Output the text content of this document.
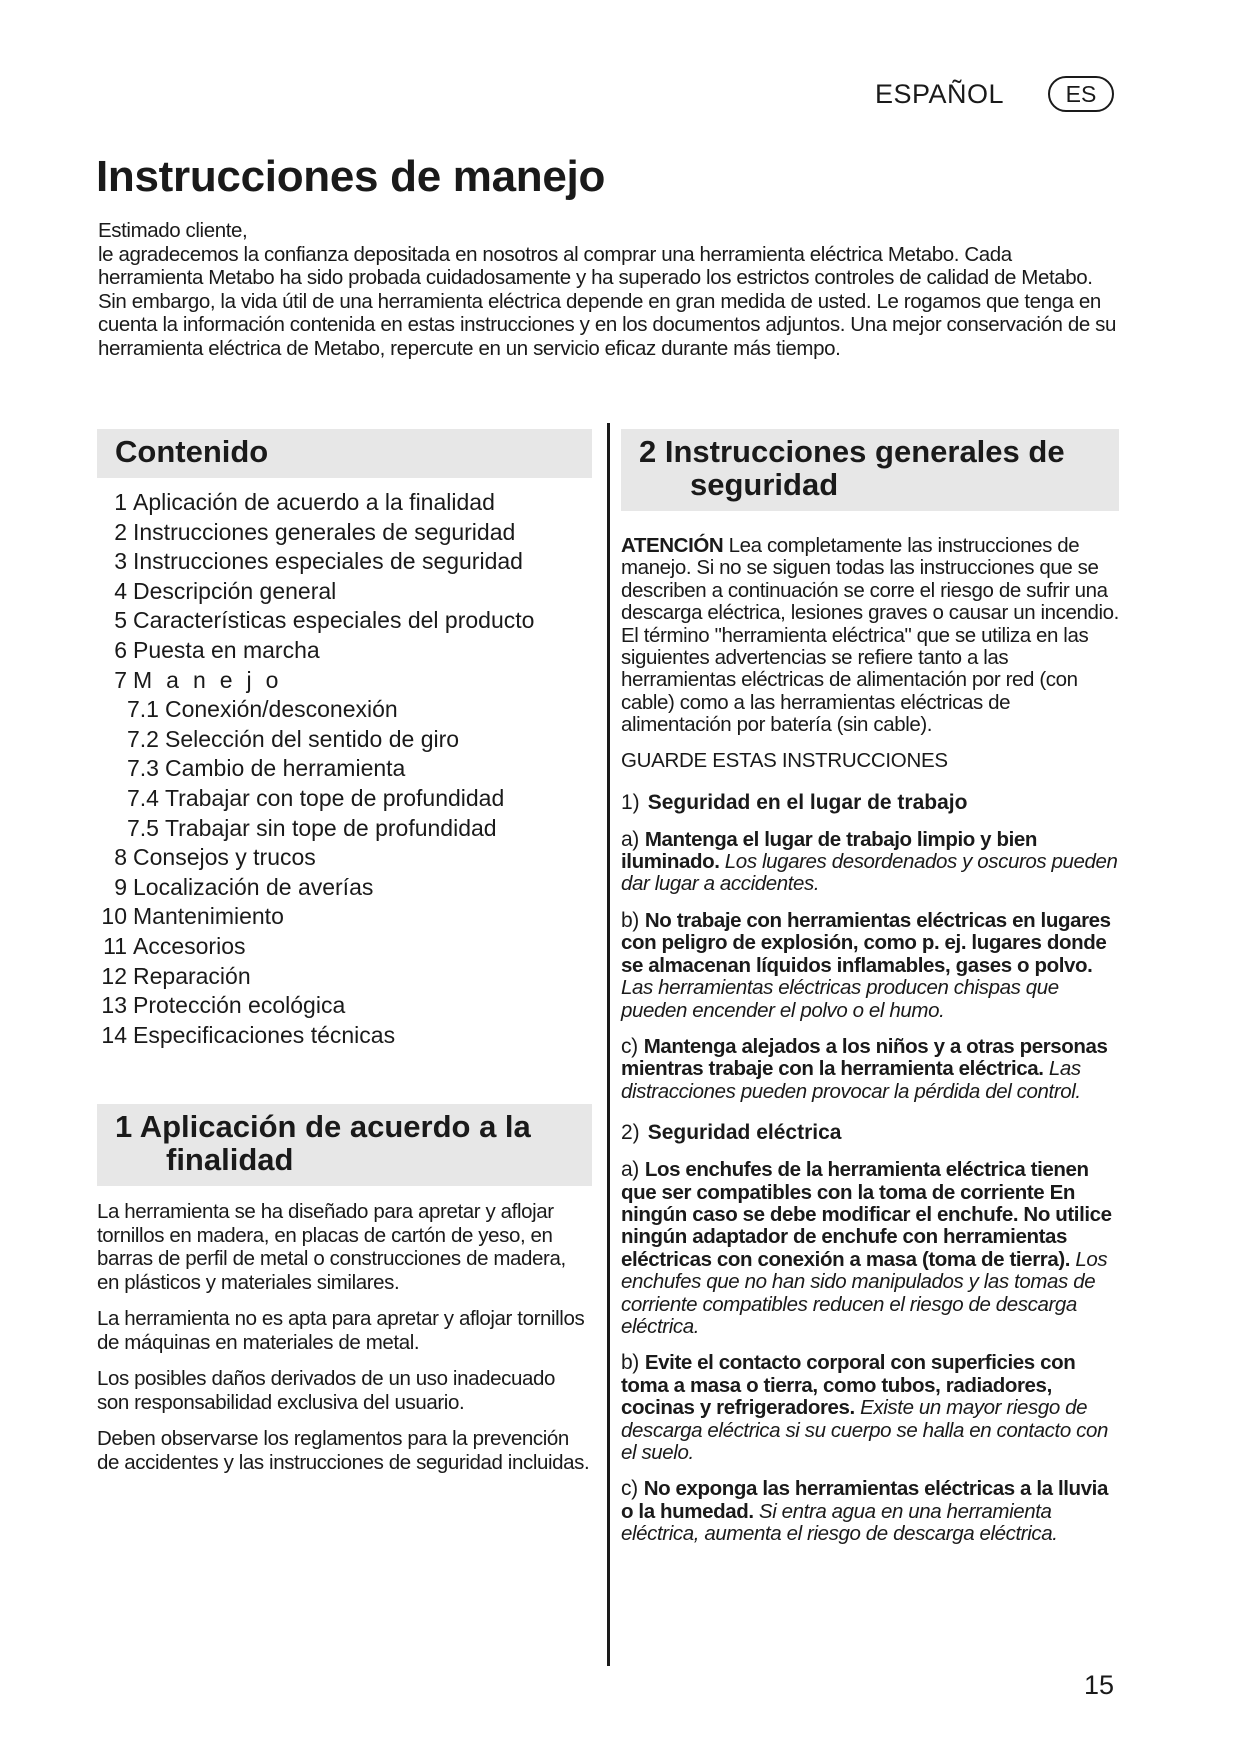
ESPAÑOL	ES
Instrucciones de manejo

Estimado cliente,

le agradecemos la confianza depositada en nosotros al comprar una herramienta eléctrica Metabo. Cada herramienta Metabo ha sido probada cuidadosamente y ha superado los estrictos controles de calidad de Metabo. Sin embargo, la vida útil de una herramienta eléctrica depende en gran medida de usted. Le rogamos que tenga en cuenta la información contenida en estas instrucciones y en los documentos adjuntos. Una mejor conservación de su herramienta eléctrica de Metabo, repercute en un servicio eficaz durante más tiempo.

Contenido
1 Aplicación de acuerdo a la finalidad
2 Instrucciones generales de seguridad
3 Instrucciones especiales de seguridad
4 Descripción general
5 Características especiales del producto
6 Puesta en marcha
7 Manejo
7.1 Conexión/desconexión
7.2 Selección del sentido de giro
7.3 Cambio de herramienta
7.4 Trabajar con tope de profundidad
7.5 Trabajar sin tope de profundidad
8 Consejos y trucos
9 Localización de averías
10 Mantenimiento
11 Accesorios
12 Reparación
13 Protección ecológica
14 Especificaciones técnicas
1 Aplicación de acuerdo a la
finalidad

La herramienta se ha diseñado para apretar y aflojar tornillos en madera, en placas de cartón de yeso, en barras de perfil de metal o construcciones de madera, en plásticos y materiales similares.

La herramienta no es apta para apretar y aflojar tornillos de máquinas en materiales de metal.

Los posibles daños derivados de un uso inadecuado son responsabilidad exclusiva del usuario.

Deben observarse los reglamentos para la prevención de accidentes y las instrucciones de seguridad incluidas.

2 Instrucciones generales de
seguridad

ATENCIÓN Lea completamente las instrucciones de manejo. Si no se siguen todas las instrucciones que se describen a continuación se corre el riesgo de sufrir una descarga eléctrica, lesiones graves o causar un incendio. El término "herramienta eléctrica" que se utiliza en las siguientes advertencias se refiere tanto a las herramientas eléctricas de alimentación por red (con cable) como a las herramientas eléctricas de alimentación por batería (sin cable).

GUARDE ESTAS INSTRUCCIONES

1) Seguridad en el lugar de trabajo

a) Mantenga el lugar de trabajo limpio y bien iluminado. Los lugares desordenados y oscuros pueden dar lugar a accidentes.

b) No trabaje con herramientas eléctricas en lugares con peligro de explosión, como p. ej. lugares donde se almacenan líquidos inflamables, gases o polvo. Las herramientas eléctricas producen chispas que pueden encender el polvo o el humo.

c) Mantenga alejados a los niños y a otras personas mientras trabaje con la herramienta eléctrica. Las distracciones pueden provocar la pérdida del control.

2) Seguridad eléctrica

a) Los enchufes de la herramienta eléctrica tienen que ser compatibles con la toma de corriente En ningún caso se debe modificar el enchufe. No utilice ningún adaptador de enchufe con herramientas eléctricas con conexión a masa (toma de tierra). Los enchufes que no han sido manipulados y las tomas de corriente compatibles reducen el riesgo de descarga eléctrica.

b) Evite el contacto corporal con superficies con toma a masa o tierra, como tubos, radiadores, cocinas y refrigeradores. Existe un mayor riesgo de descarga eléctrica si su cuerpo se halla en contacto con el suelo.

c) No exponga las herramientas eléctricas a la lluvia o la humedad. Si entra agua en una herramienta eléctrica, aumenta el riesgo de descarga eléctrica.

15
